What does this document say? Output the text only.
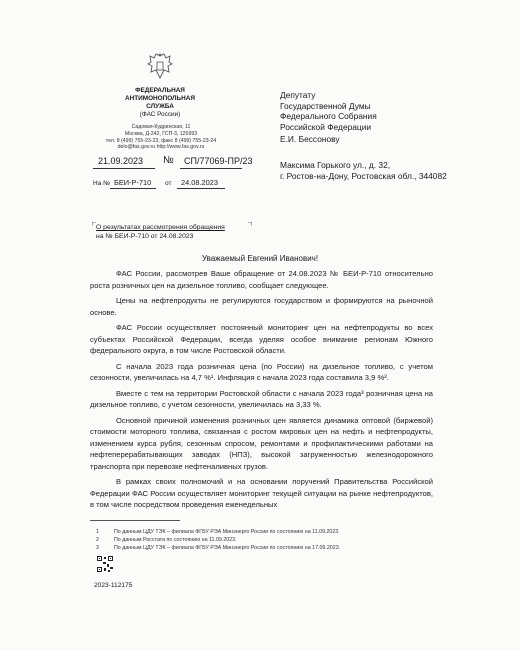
ФЕДЕРАЛЬНАЯ
АНТИМОНОПОЛЬНАЯ
СЛУЖБА
(ФАС России)
Садовая-Кудринская, 11
Москва, Д-242, ГСП-3, 125993
тел. 8 (499) 755-23-23, факс 8 (499) 755-23-24
delo@fas.gov.ru http://www.fas.gov.ru
21.09.2023 № СП/77069-ПР/23
На № БЕИ-Р-710 от 24.08.2023
Депутату
Государственной Думы
Федерального Собрания
Российской Федерации
Е.И. Бессонову
Максима Горького ул., д. 32,
г. Ростов-на-Дону, Ростовская обл., 344082
О результатах рассмотрения обращения
на № БЕИ-Р-710 от 24.08.2023
Уважаемый Евгений Иванович!

ФАС России, рассмотрев Ваше обращение от 24.08.2023 № БЕИ-Р-710 относительно роста розничных цен на дизельное топливо, сообщает следующее.

Цены на нефтепродукты не регулируются государством и формируются на рыночной основе.

ФАС России осуществляет постоянный мониторинг цен на нефтепродукты во всех субъектах Российской Федерации, всегда уделяя особое внимание регионам Южного федерального округа, в том числе Ростовской области.

С начала 2023 года розничная цена (по России) на дизельное топливо, с учетом сезонности, увеличилась на 4,7 %¹. Инфляция с начала 2023 года составила 3,9 %².

Вместе с тем на территории Ростовской области с начала 2023 года³ розничная цена на дизельное топливо, с учетом сезонности, увеличилась на 3,33 %.

Основной причиной изменения розничных цен является динамика оптовой (биржевой) стоимости моторного топлива, связанная с ростом мировых цен на нефть и нефтепродукты, изменением курса рубля, сезонным спросом, ремонтами и профилактическими работами на нефтеперерабатывающих заводах (НПЗ), высокой загруженностью железнодорожного транспорта при перевозке нефтеналивных грузов.

В рамках своих полномочий и на основании поручений Правительства Российской Федерации ФАС России осуществляет мониторинг текущей ситуации на рынке нефтепродуктов, в том числе посредством проведения еженедельных

1	По данным ЦДУ ТЭК – филиала ФГБУ РЭА Минэнерго России по состоянию на 11.09.2023.
2	По данным Росстата по состоянию на 11.09.2023.
3	По данным ЦДУ ТЭК – филиала ФГБУ РЭА Минэнерго России по состоянию на 17.09.2023.
2023-112175
